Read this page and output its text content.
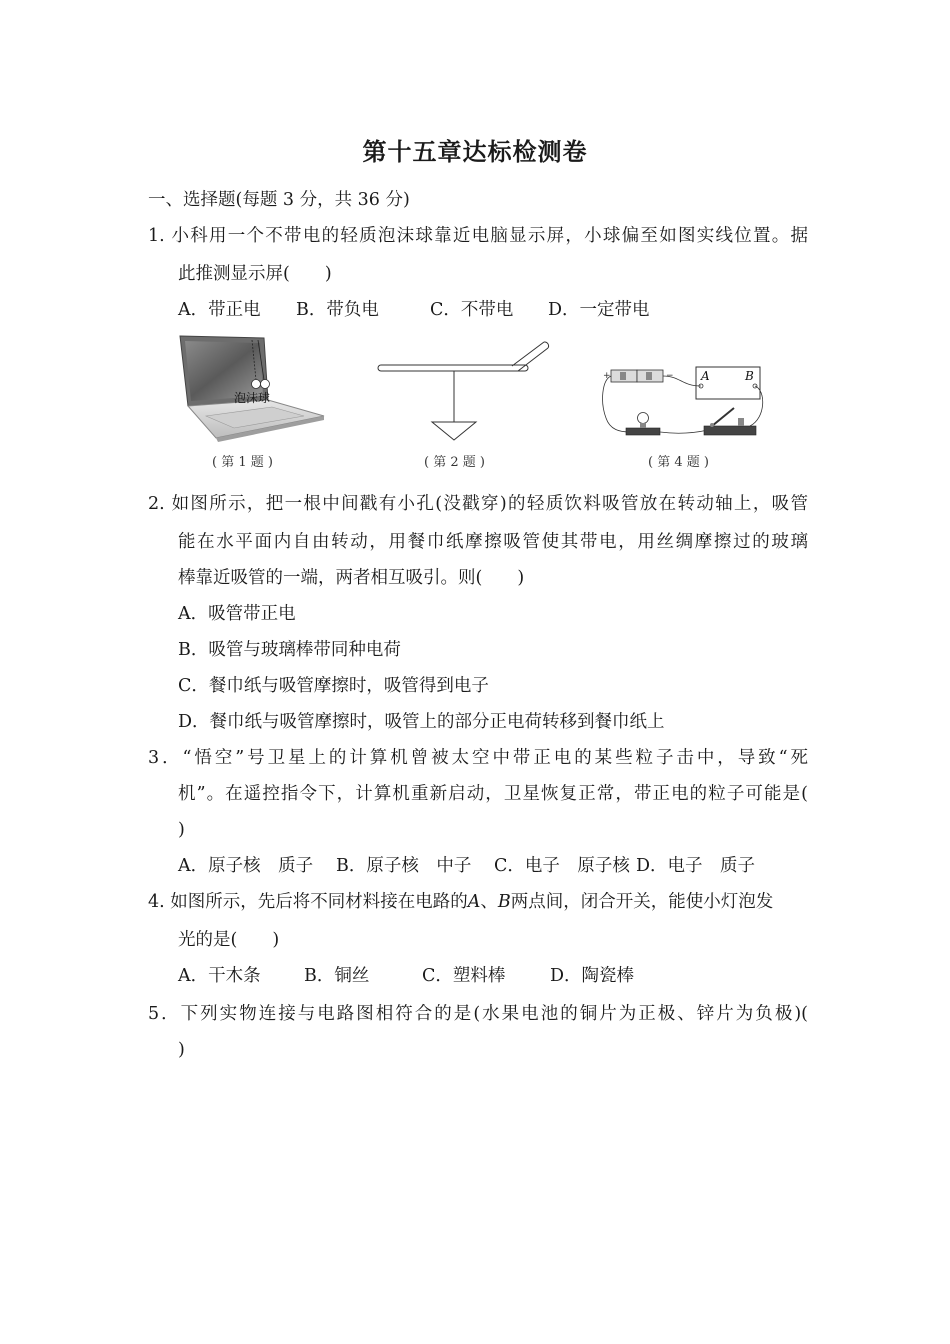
第十五章达标检测卷
一、选择题(每题 3 分，共 36 分)
1. 小科用一个不带电的轻质泡沫球靠近电脑显示屏，小球偏至如图实线位置。据
此推测显示屏(　　)
A．带正电 B．带负电	C．不带电 D．一定带电
泡沫球
( 第 1 题 )	( 第 2 题 )
+	− A	B
( 第 4 题 )
2. 如图所示，把一根中间戳有小孔(没戳穿)的轻质饮料吸管放在转动轴上，吸管
能在水平面内自由转动，用餐巾纸摩擦吸管使其带电，用丝绸摩擦过的玻璃
棒靠近吸管的一端，两者相互吸引。则(　　)
A．吸管带正电
B．吸管与玻璃棒带同种电荷
C．餐巾纸与吸管摩擦时，吸管得到电子
D．餐巾纸与吸管摩擦时，吸管上的部分正电荷转移到餐巾纸上
3．“悟空”号卫星上的计算机曾被太空中带正电的某些粒子击中，导致“死
机”。在遥控指令下，计算机重新启动，卫星恢复正常，带正电的粒子可能是(
)
A．原子核　质子 B．原子核　中子 C．电子　原子核 D．电子　质子
4. 如图所示，先后将不同材料接在电路的A、B两点间，闭合开关，能使小灯泡发
光的是(　　)
A．干木条 B．铜丝	C．塑料棒	D．陶瓷棒
5．下列实物连接与电路图相符合的是(水果电池的铜片为正极、锌片为负极)(
)
